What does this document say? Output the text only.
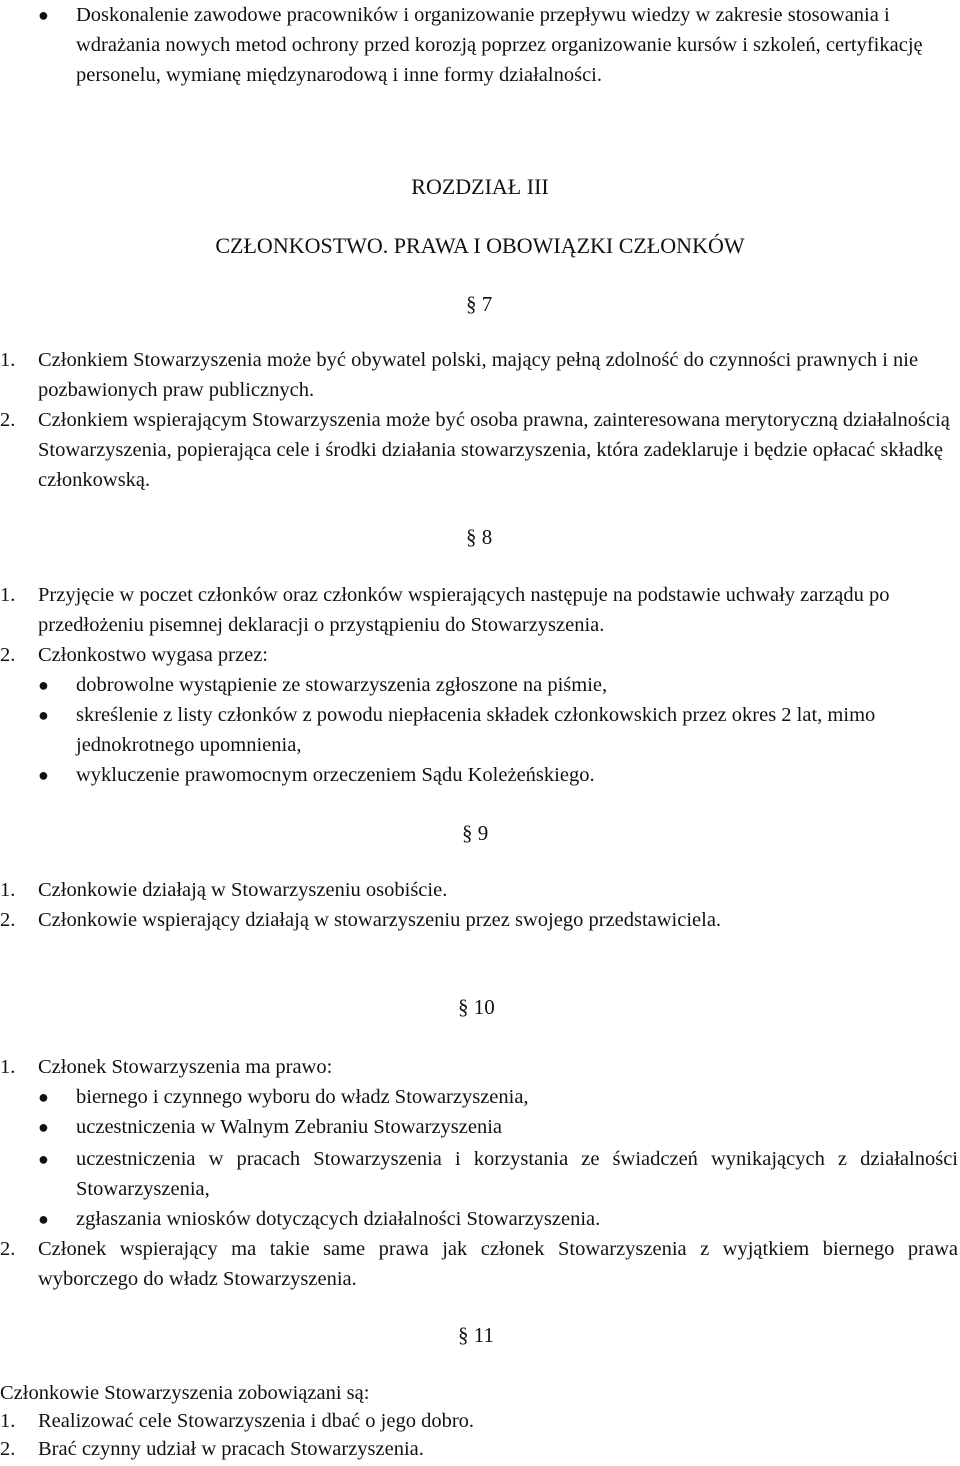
●	Doskonalenie zawodowe pracowników i organizowanie przepływu wiedzy w zakresie stosowania i wdrażania nowych metod ochrony przed korozją poprzez organizowanie kursów i szkoleń, certyfikację personelu, wymianę międzynarodową i inne formy działalności.
ROZDZIAŁ III
CZŁONKOSTWO. PRAWA I OBOWIĄZKI CZŁONKÓW
§ 7
1.	Członkiem Stowarzyszenia może być obywatel polski, mający pełną zdolność do czynności prawnych i nie pozbawionych praw publicznych.
2.	Członkiem wspierającym Stowarzyszenia może być osoba prawna, zainteresowana merytoryczną działalnością Stowarzyszenia, popierająca cele i środki działania stowarzyszenia, która zadeklaruje i będzie opłacać składkę członkowską.
§ 8
1.	Przyjęcie w poczet członków oraz członków wspierających następuje na podstawie uchwały zarządu po przedłożeniu pisemnej deklaracji o przystąpieniu do Stowarzyszenia.
2.	Członkostwo wygasa przez:
●	dobrowolne wystąpienie ze stowarzyszenia zgłoszone na piśmie,
●	skreślenie z listy członków z powodu niepłacenia składek członkowskich przez okres 2 lat, mimo jednokrotnego upomnienia,
●	wykluczenie prawomocnym orzeczeniem Sądu Koleżeńskiego.
§ 9
1.	Członkowie działają w Stowarzyszeniu osobiście.
2.	Członkowie wspierający działają w stowarzyszeniu przez swojego przedstawiciela.
§ 10
1.	Członek Stowarzyszenia ma prawo:
●	biernego i czynnego wyboru do władz Stowarzyszenia,
●	uczestniczenia w Walnym Zebraniu Stowarzyszenia
●	uczestniczenia w pracach Stowarzyszenia i korzystania ze świadczeń wynikających z działalności Stowarzyszenia,
●	zgłaszania wniosków dotyczących działalności Stowarzyszenia.
2.	Członek wspierający ma takie same prawa jak członek Stowarzyszenia z wyjątkiem biernego prawa wyborczego do władz Stowarzyszenia.
§ 11
Członkowie Stowarzyszenia zobowiązani są:
1.	Realizować cele Stowarzyszenia i dbać o jego dobro.
2.	Brać czynny udział w pracach Stowarzyszenia.
